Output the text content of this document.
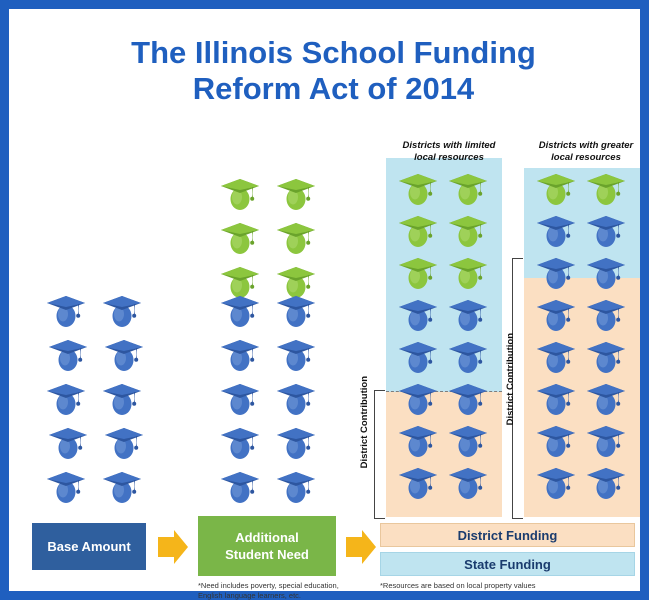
The Illinois School Funding
Reform Act of 2014
Districts with limited
local resources
Districts with greater
local resources
District Contribution	District Contribution
Base Amount
Additional
Student Need
District Funding
State Funding
*Need includes poverty, special education, English language learners, etc.
*Resources are based on local property values
